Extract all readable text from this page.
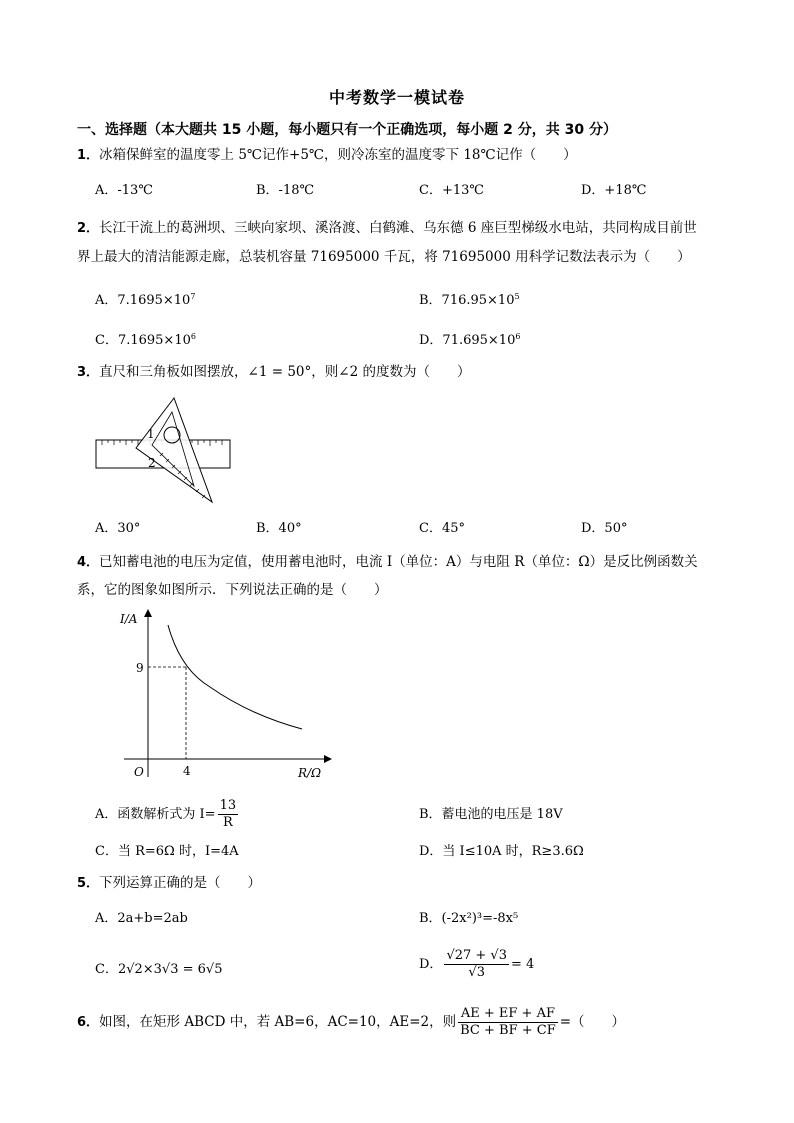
中考数学一模试卷
一、选择题（本大题共 15 小题，每小题只有一个正确选项，每小题 2 分，共 30 分）
1．冰箱保鲜室的温度零上 5℃记作+5℃，则冷冻室的温度零下 18℃记作（　　）
A．-13℃	B．-18℃	C．+13℃	D．+18℃
2．长江干流上的葛洲坝、三峡向家坝、溪洛渡、白鹤滩、乌东德 6 座巨型梯级水电站，共同构成目前世
界上最大的清洁能源走廊，总装机容量 71695000 千瓦，将 71695000 用科学记数法表示为（　　）
A．$7.1695\times 10^7$	B．$716.95\times 10^5$
C．$7.1695\times 10^6$	D．$71.695\times 10^6$
3．直尺和三角板如图摆放，∠1 = 50°，则∠2 的度数为（　　）
1
2
A．30°	B．40°	C．45°	D．50°
4．已知蓄电池的电压为定值，使用蓄电池时，电流 I（单位：A）与电阻 R（单位：Ω）是反比例函数关
系，它的图象如图所示．下列说法正确的是（　　）
I/A
R/Ω
O
9
4
A．函数解析式为 $I= \frac{13}{R}$	B．蓄电池的电压是 18V
C．当 R=6Ω 时，I=4A	D．当 I≤10A 时，R≥3.6Ω
5．下列运算正确的是（　　）
A．2a+b=2ab	B．(-2x²)³=-8x⁵
C．2√2×3√3 = 6√5	D． $\frac{√27 + √3}{√3} = 4$
6．如图，在矩形 ABCD 中，若 AB=6，AC=10，AE=2，则 $\frac{AE + EF + AF}{BC + BF + CF}$ =（　　）
